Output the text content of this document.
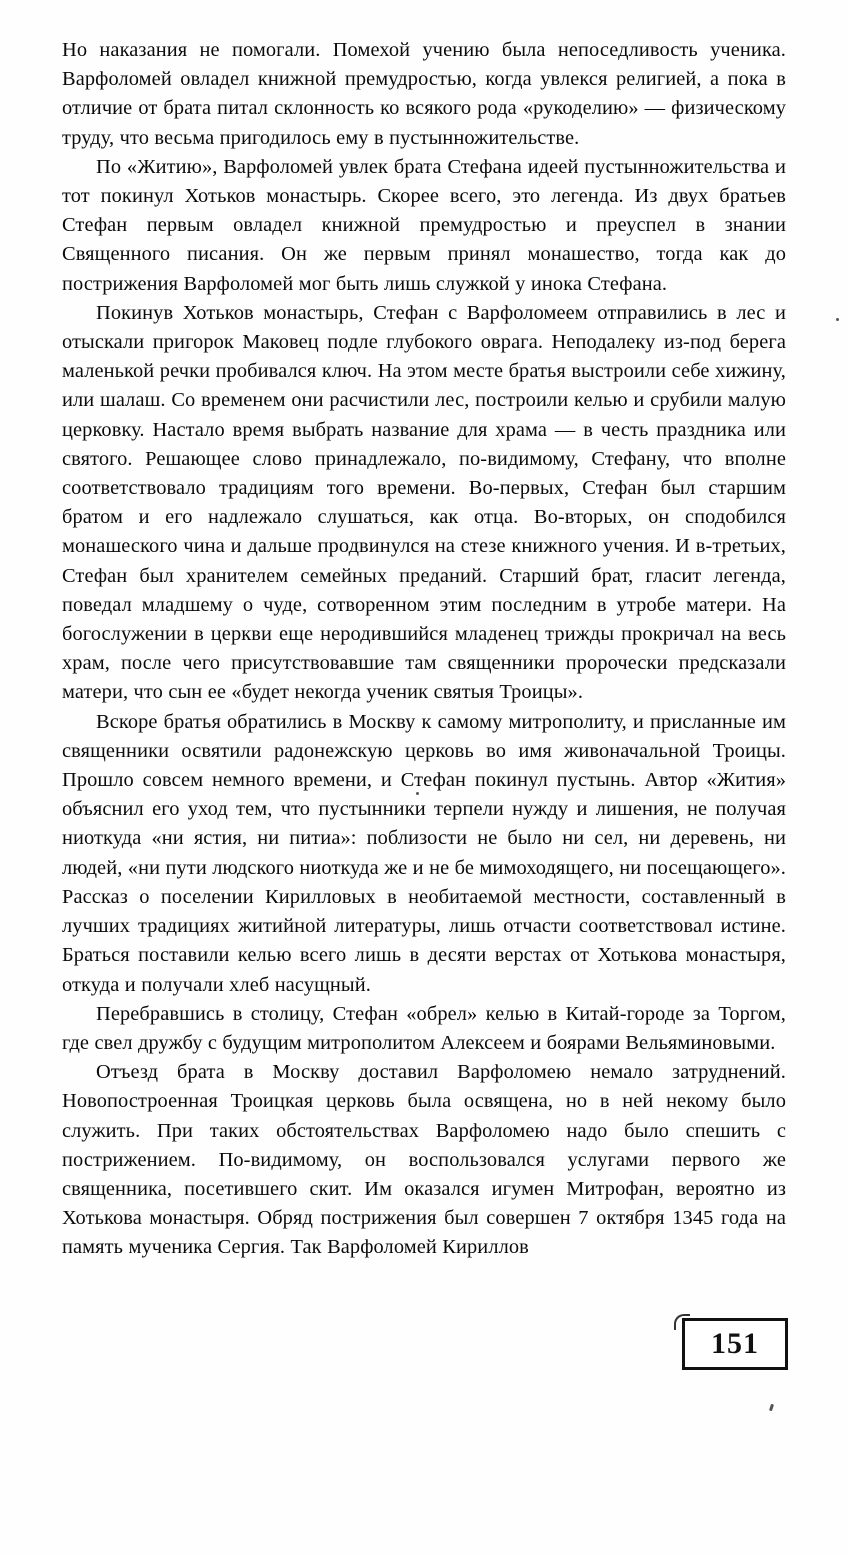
Но наказания не помогали. Помехой учению была непоседливость ученика. Варфоломей овладел книжной премудростью, когда увлекся религией, а пока в отличие от брата питал склонность ко всякого рода «рукоделию» — физическому труду, что весьма пригодилось ему в пустынножительстве.

По «Житию», Варфоломей увлек брата Стефана идеей пустынножительства и тот покинул Хотьков монастырь. Скорее всего, это легенда. Из двух братьев Стефан первым овладел книжной премудростью и преуспел в знании Священного писания. Он же первым принял монашество, тогда как до пострижения Варфоломей мог быть лишь служкой у инока Стефана.

Покинув Хотьков монастырь, Стефан с Варфоломеем отправились в лес и отыскали пригорок Маковец подле глубокого оврага. Неподалеку из-под берега маленькой речки пробивался ключ. На этом месте братья выстроили себе хижину, или шалаш. Со временем они расчистили лес, построили келью и срубили малую церковку. Настало время выбрать название для храма — в честь праздника или святого. Решающее слово принадлежало, по-видимому, Стефану, что вполне соответствовало традициям того времени. Во-первых, Стефан был старшим братом и его надлежало слушаться, как отца. Во-вторых, он сподобился монашеского чина и дальше продвинулся на стезе книжного учения. И в-третьих, Стефан был хранителем семейных преданий. Старший брат, гласит легенда, поведал младшему о чуде, сотворенном этим последним в утробе матери. На богослужении в церкви еще неродившийся младенец трижды прокричал на весь храм, после чего присутствовавшие там священники пророчески предсказали матери, что сын ее «будет некогда ученик святыя Троицы».

Вскоре братья обратились в Москву к самому митрополиту, и присланные им священники освятили радонежскую церковь во имя живоначальной Троицы. Прошло совсем немного времени, и Стефан покинул пустынь. Автор «Жития» объяснил его уход тем, что пустынники терпели нужду и лишения, не получая ниоткуда «ни ястия, ни питиа»: поблизости не было ни сел, ни деревень, ни людей, «ни пути людского ниоткуда же и не бе мимоходящего, ни посещающего». Рассказ о поселении Кирилловых в необитаемой местности, составленный в лучших традициях житийной литературы, лишь отчасти соответствовал истине. Браться поставили келью всего лишь в десяти верстах от Хотькова монастыря, откуда и получали хлеб насущный.

Перебравшись в столицу, Стефан «обрел» келью в Китай-городе за Торгом, где свел дружбу с будущим митрополитом Алексеем и боярами Вельяминовыми.

Отъезд брата в Москву доставил Варфоломею немало затруднений. Новопостроенная Троицкая церковь была освящена, но в ней некому было служить. При таких обстоятельствах Варфоломею надо было спешить с пострижением. По-видимому, он воспользовался услугами первого же священника, посетившего скит. Им оказался игумен Митрофан, вероятно из Хотькова монастыря. Обряд пострижения был совершен 7 октября 1345 года на память мученика Сергия. Так Варфоломей Кириллов

151
